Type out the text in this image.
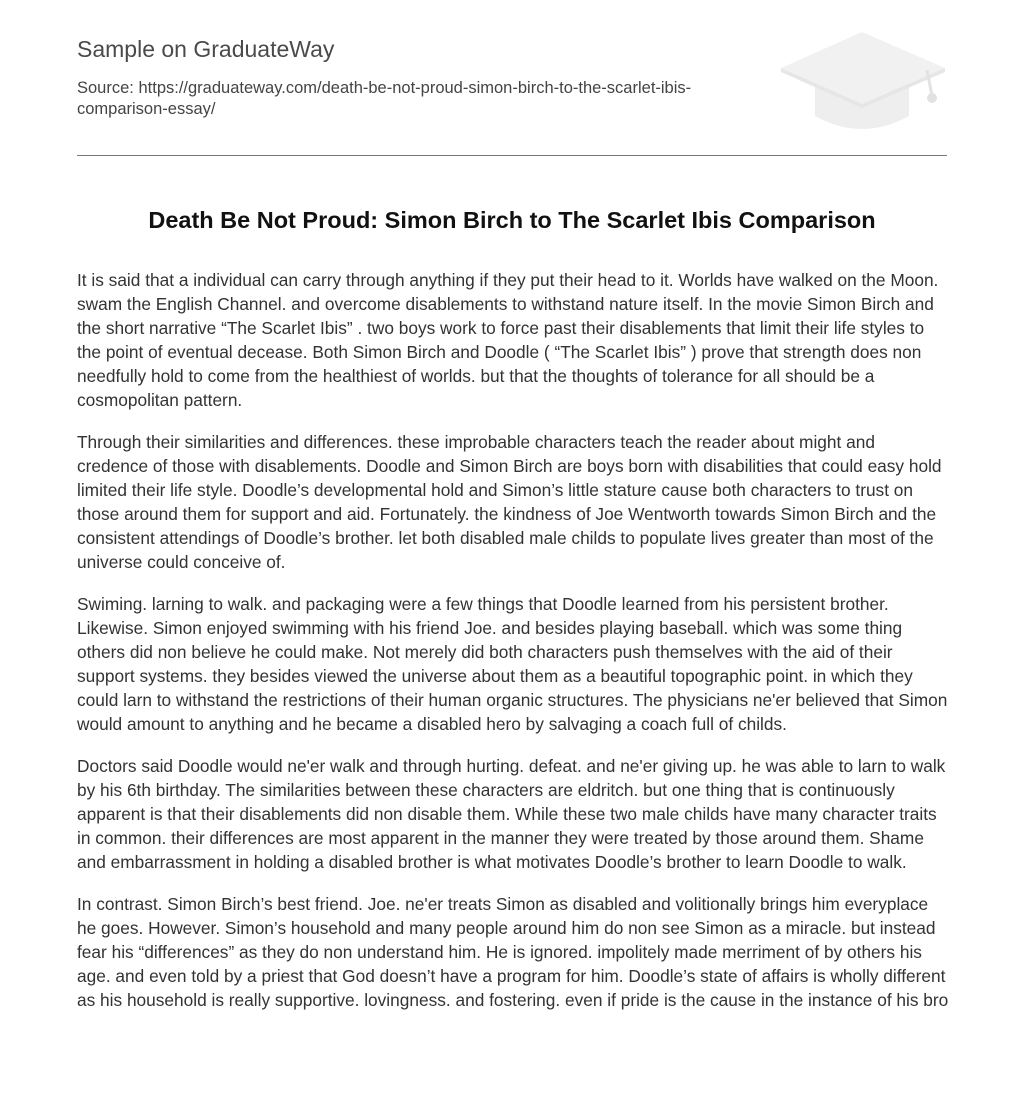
Sample on GraduateWay
Source: https://graduateway.com/death-be-not-proud-simon-birch-to-the-scarlet-ibis-comparison-essay/
Death Be Not Proud: Simon Birch to The Scarlet Ibis Comparison

It is said that a individual can carry through anything if they put their head to it. Worlds have walked on the Moon. swam the English Channel. and overcome disablements to withstand nature itself. In the movie Simon Birch and the short narrative “The Scarlet Ibis” . two boys work to force past their disablements that limit their life styles to the point of eventual decease. Both Simon Birch and Doodle ( “The Scarlet Ibis” ) prove that strength does non needfully hold to come from the healthiest of worlds. but that the thoughts of tolerance for all should be a cosmopolitan pattern.

Through their similarities and differences. these improbable characters teach the reader about might and credence of those with disablements. Doodle and Simon Birch are boys born with disabilities that could easy hold limited their life style. Doodle’s developmental hold and Simon’s little stature cause both characters to trust on those around them for support and aid. Fortunately. the kindness of Joe Wentworth towards Simon Birch and the consistent attendings of Doodle’s brother. let both disabled male childs to populate lives greater than most of the universe could conceive of.

Swiming. larning to walk. and packaging were a few things that Doodle learned from his persistent brother. Likewise. Simon enjoyed swimming with his friend Joe. and besides playing baseball. which was some thing others did non believe he could make. Not merely did both characters push themselves with the aid of their support systems. they besides viewed the universe about them as a beautiful topographic point. in which they could larn to withstand the restrictions of their human organic structures. The physicians ne'er believed that Simon would amount to anything and he became a disabled hero by salvaging a coach full of childs.

Doctors said Doodle would ne'er walk and through hurting. defeat. and ne'er giving up. he was able to larn to walk by his 6th birthday. The similarities between these characters are eldritch. but one thing that is continuously apparent is that their disablements did non disable them. While these two male childs have many character traits in common. their differences are most apparent in the manner they were treated by those around them. Shame and embarrassment in holding a disabled brother is what motivates Doodle’s brother to learn Doodle to walk.

In contrast. Simon Birch’s best friend. Joe. ne'er treats Simon as disabled and volitionally brings him everyplace he goes. However. Simon’s household and many people around him do non see Simon as a miracle. but instead fear his “differences” as they do non understand him. He is ignored. impolitely made merriment of by others his age. and even told by a priest that God doesn’t have a program for him. Doodle’s state of affairs is wholly different as his household is really supportive. lovingness. and fostering. even if pride is the cause in the instance of his bro
